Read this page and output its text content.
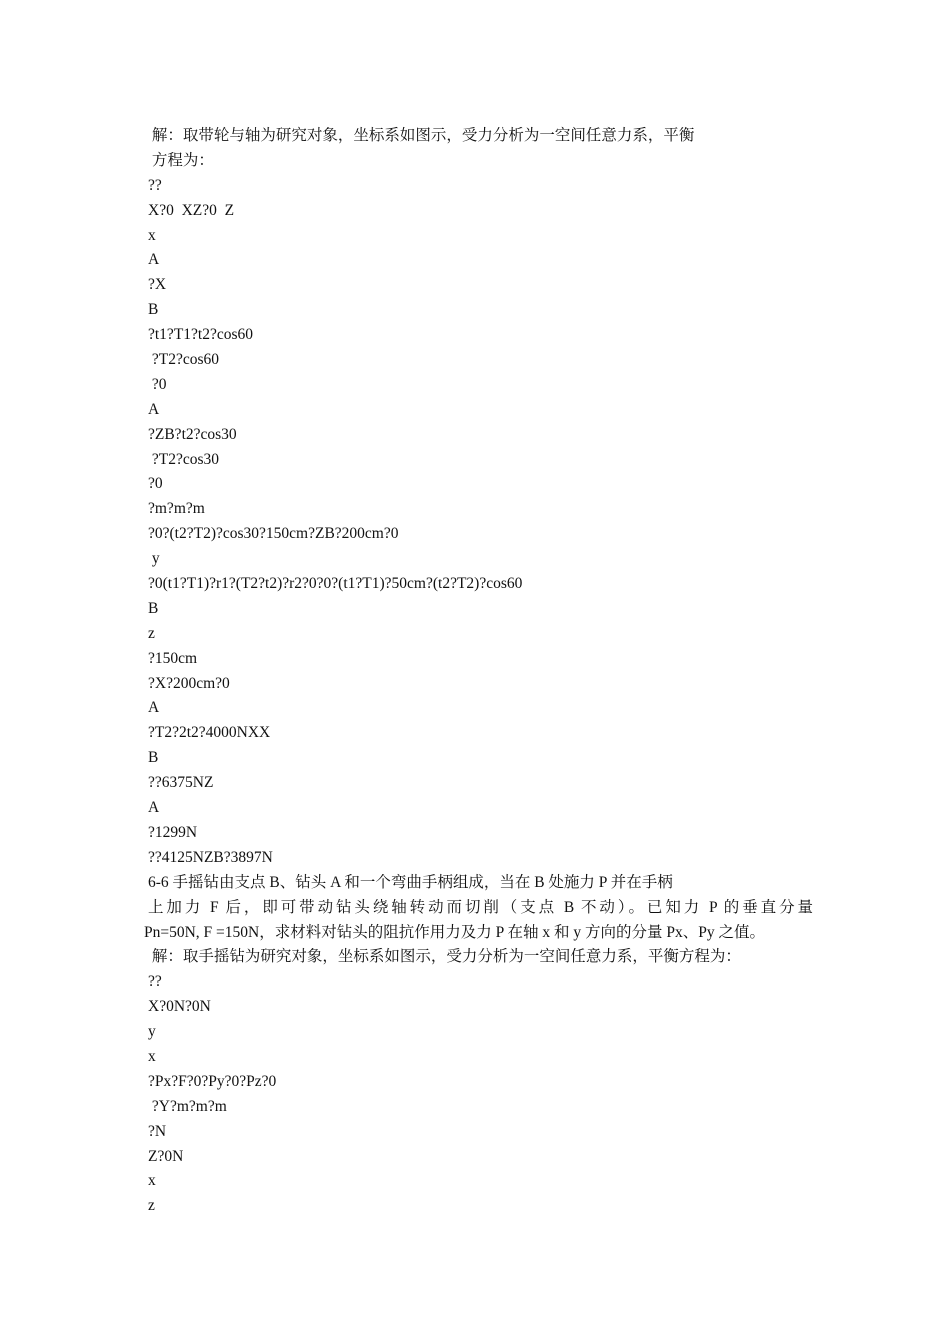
解：取带轮与轴为研究对象，坐标系如图示，受力分析为一空间任意力系，平衡
方程为：
??
X?0  XZ?0  Z
x
A
?X
B
?t1?T1?t2?cos60
?T2?cos60
?0
A
?ZB?t2?cos30
?T2?cos30
?0
?m?m?m
?0?(t2?T2)?cos30?150cm?ZB?200cm?0
y
?0(t1?T1)?r1?(T2?t2)?r2?0?0?(t1?T1)?50cm?(t2?T2)?cos60
B
z
?150cm
?X?200cm?0
A
?T2?2t2?4000NXX
B
??6375NZ
A
?1299N
??4125NZB?3897N
6-6 手摇钻由支点 B、钻头 A 和一个弯曲手柄组成，当在 B 处施力 P 并在手柄
上加力 F 后，即可带动钻头绕轴转动而切削（支点 B 不动）。已知力 P 的垂直分量
Pn=50N, F =150N，求材料对钻头的阻抗作用力及力 P 在轴 x 和 y 方向的分量 Px、Py 之值。
解：取手摇钻为研究对象，坐标系如图示，受力分析为一空间任意力系，平衡方程为：
??
X?0N?0N
y
x
?Px?F?0?Py?0?Pz?0
?Y?m?m?m
?N
Z?0N
x
z
